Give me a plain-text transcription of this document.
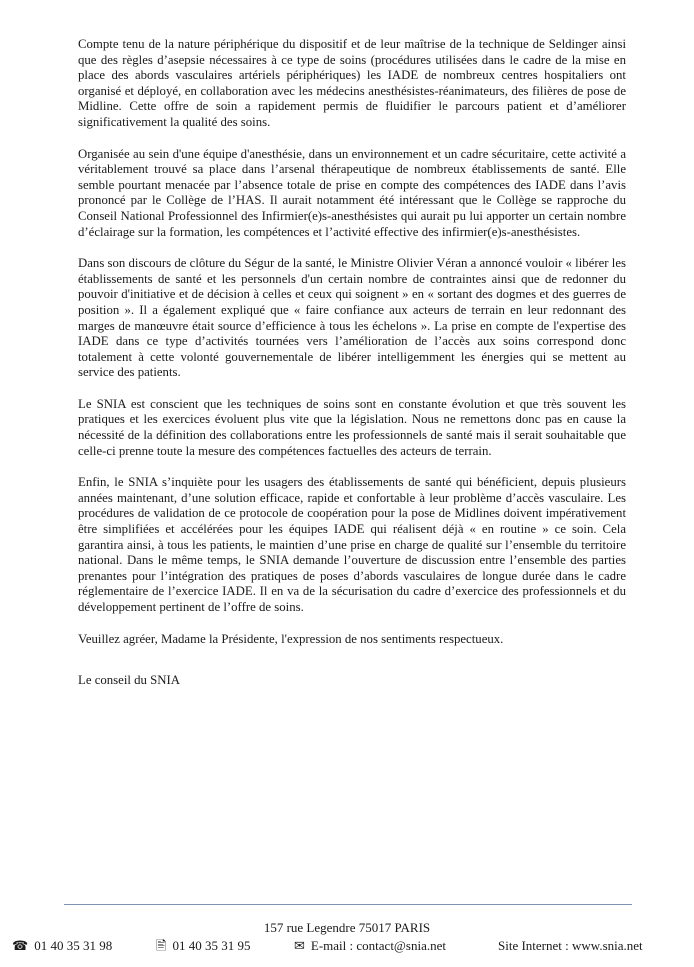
Compte tenu de la nature périphérique du dispositif et de leur maîtrise de la technique de Seldinger ainsi que des règles d’asepsie nécessaires à ce type de soins (procédures utilisées dans le cadre de la mise en place des abords vasculaires artériels périphériques) les IADE de nombreux centres hospitaliers ont organisé et déployé, en collaboration avec les médecins anesthésistes-réanimateurs, des filières de pose de Midline. Cette offre de soin a rapidement permis de fluidifier le parcours patient et d’améliorer significativement la qualité des soins.

Organisée au sein d'une équipe d'anesthésie, dans un environnement et un cadre sécuritaire, cette activité a véritablement trouvé sa place dans l’arsenal thérapeutique de nombreux établissements de santé. Elle semble pourtant menacée par l’absence totale de prise en compte des compétences des IADE dans l’avis prononcé par le Collège de l’HAS. Il aurait notamment été intéressant que le Collège se rapproche du Conseil National Professionnel des Infirmier(e)s-anesthésistes qui aurait pu lui apporter un certain nombre d’éclairage sur la formation, les compétences et l’activité effective des infirmier(e)s-anesthésistes.

Dans son discours de clôture du Ségur de la santé, le Ministre Olivier Véran a annoncé vouloir « libérer les établissements de santé et les personnels d'un certain nombre de contraintes ainsi que de redonner du pouvoir d'initiative et de décision à celles et ceux qui soignent » en « sortant des dogmes et des guerres de position ». Il a également expliqué que « faire confiance aux acteurs de terrain en leur redonnant des marges de manœuvre était source d’efficience à tous les échelons ». La prise en compte de l'expertise des IADE dans ce type d’activités tournées vers l’amélioration de l’accès aux soins correspond donc totalement à cette volonté gouvernementale de libérer intelligemment les énergies qui se mettent au service des patients.

Le SNIA est conscient que les techniques de soins sont en constante évolution et que très souvent les pratiques et les exercices évoluent plus vite que la législation. Nous ne remettons donc pas en cause la nécessité de la définition des collaborations entre les professionnels de santé mais il serait souhaitable que celle-ci prenne toute la mesure des compétences factuelles des acteurs de terrain.

Enfin, le SNIA s’inquiète pour les usagers des établissements de santé qui bénéficient, depuis plusieurs années maintenant, d’une solution efficace, rapide et confortable à leur problème d’accès vasculaire. Les procédures de validation de ce protocole de coopération pour la pose de Midlines doivent impérativement être simplifiées et accélérées pour les équipes IADE qui réalisent déjà « en routine » ce soin. Cela garantira ainsi, à tous les patients, le maintien d’une prise en charge de qualité sur l’ensemble du territoire national. Dans le même temps, le SNIA demande l’ouverture de discussion entre l’ensemble des parties prenantes pour l’intégration des pratiques de poses d’abords vasculaires de longue durée dans le cadre réglementaire de l’exercice IADE. Il en va de la sécurisation du cadre d’exercice des professionnels et du développement pertinent de l’offre de soins.

Veuillez agréer, Madame la Présidente, l'expression de nos sentiments respectueux.

Le conseil du SNIA

157 rue Legendre 75017 PARIS
☎ 01 40 35 31 98	🖹 01 40 35 31 95	✉ E-mail : contact@snia.net	Site Internet : www.snia.net
